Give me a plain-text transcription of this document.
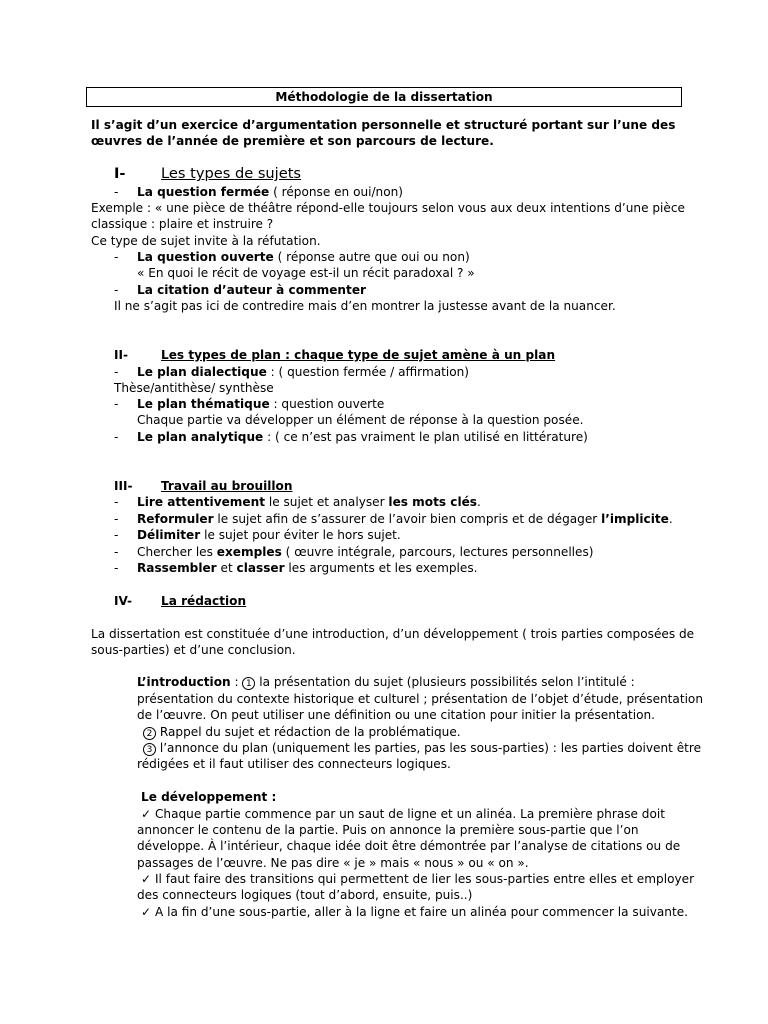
Méthodologie de la dissertation
Il s’agit d’un exercice d’argumentation personnelle et structuré portant sur l’une des œuvres de l’année de première et son parcours de lecture.
I- Les types de sujets
- La question fermée ( réponse en oui/non)
Exemple : « une pièce de théâtre répond-elle toujours selon vous aux deux intentions d’une pièce
classique : plaire et instruire ?
Ce type de sujet invite à la réfutation.
- La question ouverte ( réponse autre que oui ou non)
« En quoi le récit de voyage est-il un récit paradoxal ? »
- La citation d’auteur à commenter
Il ne s’agit pas ici de contredire mais d’en montrer la justesse avant de la nuancer.
II-	Les types de plan : chaque type de sujet amène à un plan
- Le plan dialectique : ( question fermée / affirmation)
Thèse/antithèse/ synthèse
- Le plan thématique : question ouverte
Chaque partie va développer un élément de réponse à la question posée.
- Le plan analytique : ( ce n’est pas vraiment le plan utilisé en littérature)
III- Travail au brouillon
- Lire attentivement le sujet et analyser les mots clés.
- Reformuler le sujet afin de s’assurer de l’avoir bien compris et de dégager l’implicite.
- Délimiter le sujet pour éviter le hors sujet.
- Chercher les exemples ( œuvre intégrale, parcours, lectures personnelles)
- Rassembler et classer les arguments et les exemples.
IV- La rédaction
La dissertation est constituée d’une introduction, d’un développement ( trois parties composées de
sous-parties) et d’une conclusion.
L’introduction : 1 la présentation du sujet (plusieurs possibilités selon l’intitulé :
présentation du contexte historique et culturel ; présentation de l’objet d’étude, présentation
de l’œuvre. On peut utiliser une définition ou une citation pour initier la présentation.
2 Rappel du sujet et rédaction de la problématique.
3 l’annonce du plan (uniquement les parties, pas les sous-parties) : les parties doivent être
rédigées et il faut utiliser des connecteurs logiques.
Le développement :
✓ Chaque partie commence par un saut de ligne et un alinéa. La première phrase doit
annoncer le contenu de la partie. Puis on annonce la première sous-partie que l’on
développe. À l’intérieur, chaque idée doit être démontrée par l’analyse de citations ou de
passages de l’œuvre. Ne pas dire « je » mais « nous » ou « on ».
✓ Il faut faire des transitions qui permettent de lier les sous-parties entre elles et employer
des connecteurs logiques (tout d’abord, ensuite, puis..)
✓ A la fin d’une sous-partie, aller à la ligne et faire un alinéa pour commencer la suivante.
